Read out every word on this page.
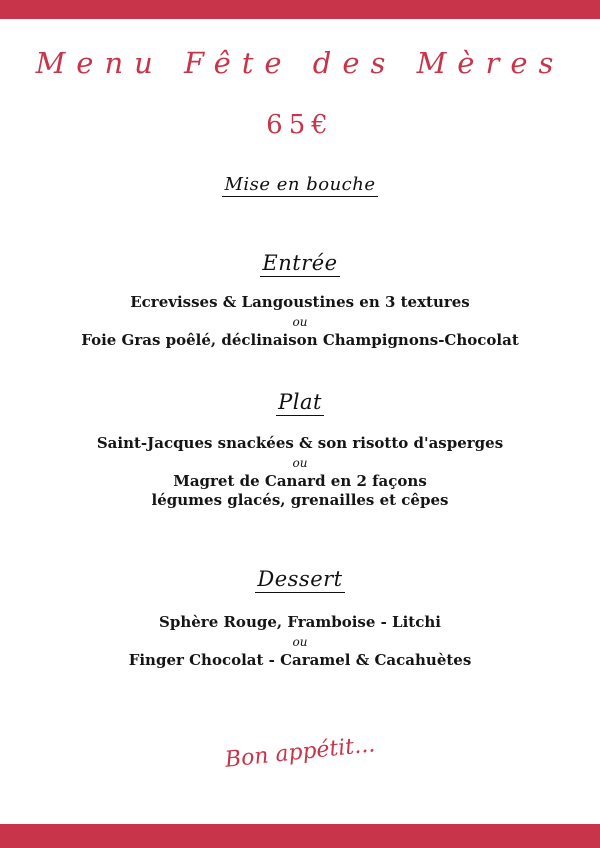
Menu Fête des Mères
65€
Mise en bouche
Entrée
Ecrevisses & Langoustines en 3 textures
ou
Foie Gras poêlé, déclinaison Champignons-Chocolat
Plat
Saint-Jacques snackées & son risotto d'asperges
ou
Magret de Canard en 2 façons
légumes glacés, grenailles et cêpes
Dessert
Sphère Rouge, Framboise - Litchi
ou
Finger Chocolat - Caramel & Cacahuètes
Bon appétit...
